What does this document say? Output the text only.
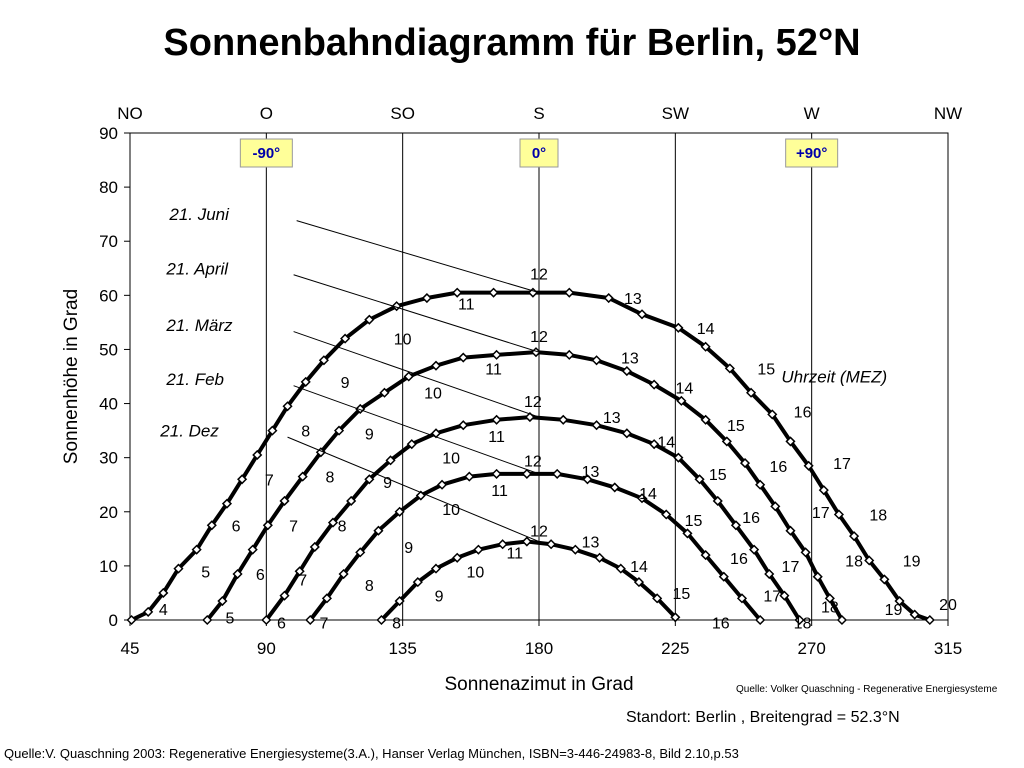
Sonnenbahndiagramm für Berlin, 52°N
0
10
20
30
40
50
60
70
80
90
45	90	135	180	225	270	315
NO	O	SO	S	SW	W	NW
Sonnenazimut in Grad
Sonnenhöhe in Grad
-90°	0°	+90°
4
5
6
7
8
9
10
11
12
13
14
15
16
17
18
19
20
5
6
7
8
9
10
11
12
13
14
15
16
17
18
19
6
7
8
9
10
11
12
13
14
15
16
17
18
7
8
9
10
11
12
13
14
15
16
17
18
8
9
10
11
12
13
14
15
16
21. Juni
21. April
21. März
21. Feb
21. Dez
Uhrzeit (MEZ)
Quelle: Volker Quaschning - Regenerative Energiesysteme
Standort: Berlin , Breitengrad = 52.3°N
Quelle:V. Quaschning 2003: Regenerative Energiesysteme(3.A.), Hanser Verlag München, ISBN=3-446-24983-8, Bild 2.10,p.53
